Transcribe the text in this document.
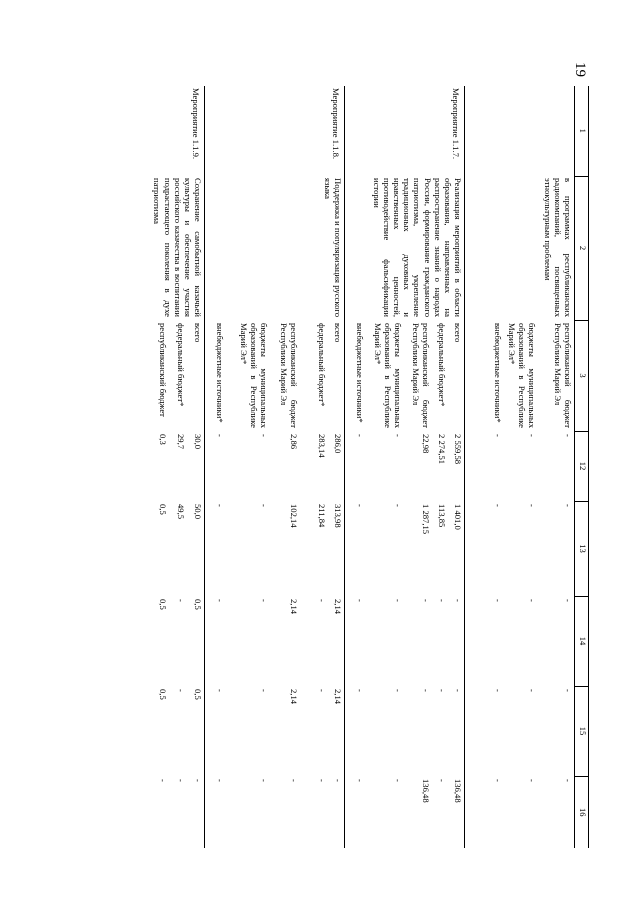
19
1	2	3	12	13	14	15	16
	в программах республиканских радиокомпаний, посвященных этнокультурным проблемам	республиканский бюджет Республики Марий Эл	-	-	-	-	-
		бюджеты муниципальных образований в Республике Марий Эл*	-	-	-	-	-
		внебюджетные источники*	-	-	-	-	-
Мероприятие 1.1.7.	Реализация мероприятий в области образования, направленных на распространение знаний о народах России, формирование гражданского патриотизма, укрепление традиционных духовных и нравственных ценностей, противодействие фальсификации истории	всего	2 559,58	1 401,0	-	-	136,48
		федеральный бюджет*	2 274,51	113,85	-	-	-
		республиканский бюджет Республики Марий Эл	22,98	1 287,15	-	-	136,48
		бюджеты муниципальных образований в Республике Марий Эл*	-	-	-	-	-
		внебюджетные источники*	-	-	-	-	-
Мероприятие 1.1.8.	Поддержка и популяризация русского языка	всего	286,0	313,98	2,14	2,14	-
		федеральный бюджет*	283,14	211,84	-	-	-
		республиканский бюджет Республики Марий Эл	2,86	102,14	2,14	2,14	-
		бюджеты муниципальных образований в Республике Марий Эл*	-	-	-	-	-
		внебюджетные источники*	-	-	-	-	-
Мероприятие 1.1.9.	Сохранение самобытной казачьей культуры и обеспечение участия российского казачества в воспитании подрастающего поколения в духе патриотизма	всего	30,0	50,0	0,5	0,5	-
		федеральный бюджет*	29,7	49,5	-	-	-
		республиканский бюджет	0,3	0,5	0,5	0,5	-
